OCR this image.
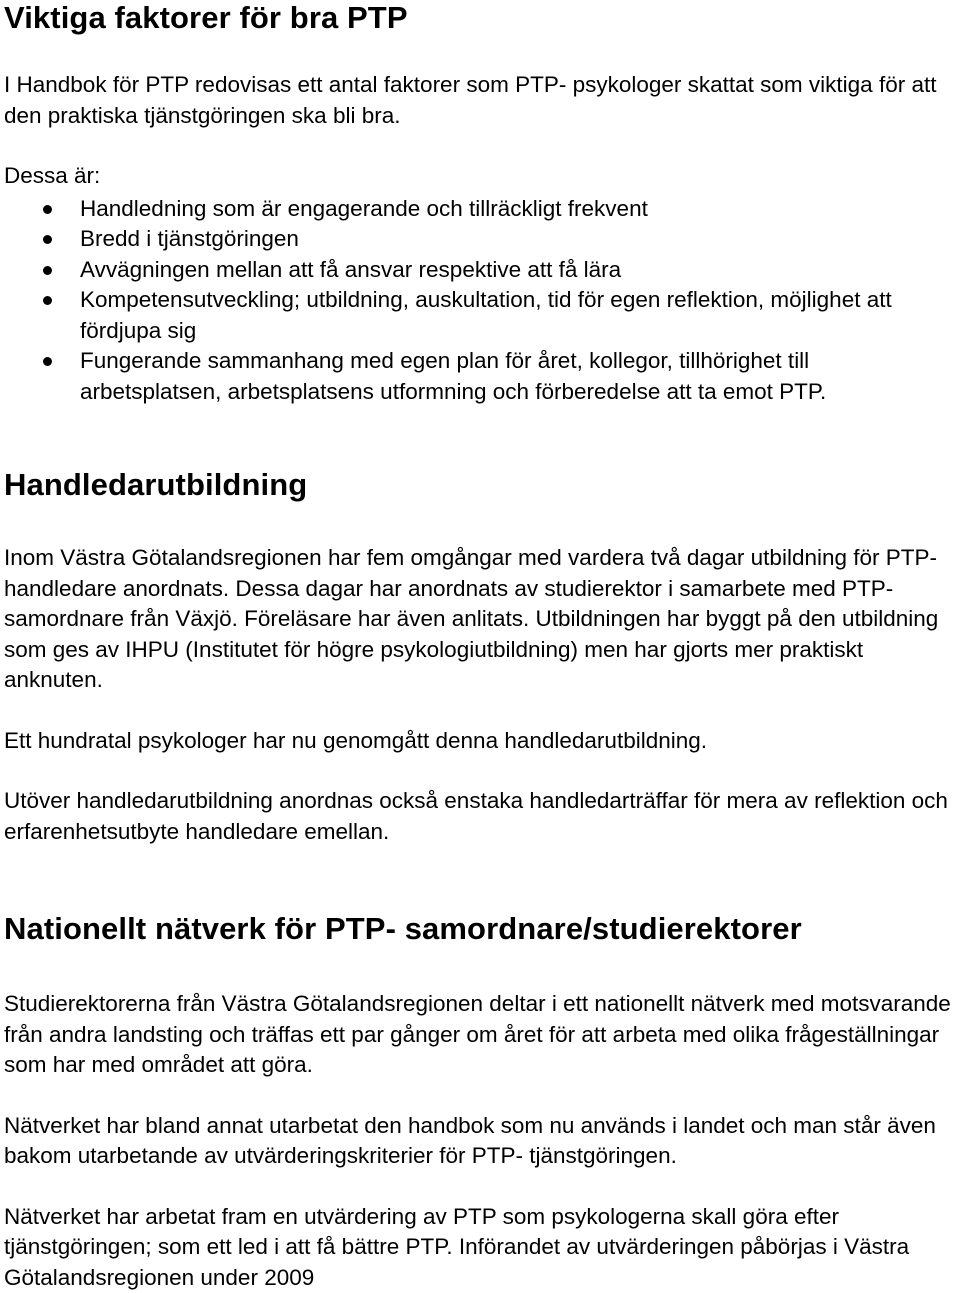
Viktiga faktorer för bra PTP

I Handbok för PTP redovisas ett antal faktorer som PTP- psykologer skattat som viktiga för att den praktiska tjänstgöringen ska bli bra.

Dessa är:

Handledning som är engagerande och tillräckligt frekvent
Bredd i tjänstgöringen
Avvägningen mellan att få ansvar respektive att få lära
Kompetensutveckling; utbildning, auskultation, tid för egen reflektion, möjlighet att fördjupa sig
Fungerande sammanhang med egen plan för året, kollegor, tillhörighet till arbetsplatsen, arbetsplatsens utformning och förberedelse att ta emot PTP.
Handledarutbildning

Inom Västra Götalandsregionen har fem omgångar med vardera två dagar utbildning för PTP- handledare anordnats. Dessa dagar har anordnats av studierektor i samarbete med PTP- samordnare från Växjö. Föreläsare har även anlitats. Utbildningen har byggt på den utbildning som ges av IHPU (Institutet för högre psykologiutbildning) men har gjorts mer praktiskt anknuten.

Ett hundratal psykologer har nu genomgått denna handledarutbildning.

Utöver handledarutbildning anordnas också enstaka handledarträffar för mera av reflektion och erfarenhetsutbyte handledare emellan.

Nationellt nätverk för PTP- samordnare/studierektorer

Studierektorerna från Västra Götalandsregionen deltar i ett nationellt nätverk med motsvarande från andra landsting och träffas ett par gånger om året för att arbeta med olika frågeställningar som har med området att göra.

Nätverket har bland annat utarbetat den handbok som nu används i landet och man står även bakom utarbetande av utvärderingskriterier för PTP- tjänstgöringen.

Nätverket har arbetat fram en utvärdering av PTP som psykologerna skall göra efter tjänstgöringen; som ett led i att få bättre PTP. Införandet av utvärderingen påbörjas i Västra Götalandsregionen under 2009
